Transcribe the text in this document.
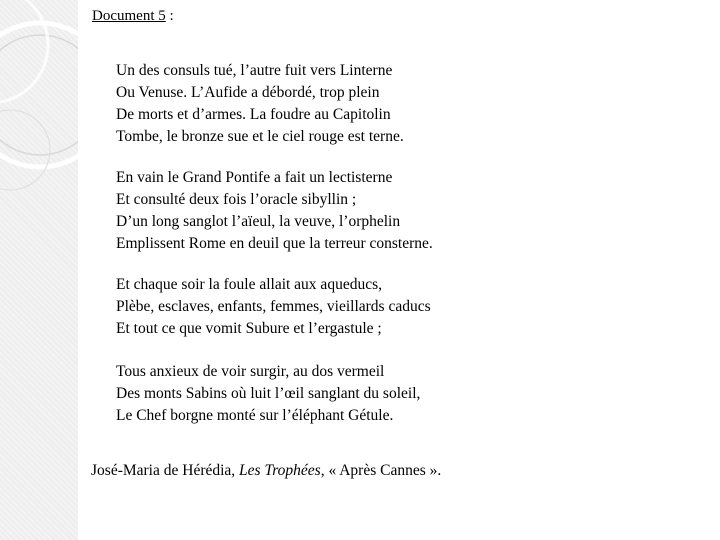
Document 5 :
Un des consuls tué, l’autre fuit vers Linterne
Ou Venuse. L’Aufide a débordé, trop plein
De morts et d’armes. La foudre au Capitolin
Tombe, le bronze sue et le ciel rouge est terne.
En vain le Grand Pontife a fait un lectisterne
Et consulté deux fois l’oracle sibyllin ;
D’un long sanglot l’aïeul, la veuve, l’orphelin
Emplissent Rome en deuil que la terreur consterne.
Et chaque soir la foule allait aux aqueducs,
Plèbe, esclaves, enfants, femmes, vieillards caducs
Et tout ce que vomit Subure et l’ergastule ;
Tous anxieux de voir surgir, au dos vermeil
Des monts Sabins où luit l’œil sanglant du soleil,
Le Chef borgne monté sur l’éléphant Gétule.
José-Maria de Hérédia, Les Trophées, « Après Cannes ».
